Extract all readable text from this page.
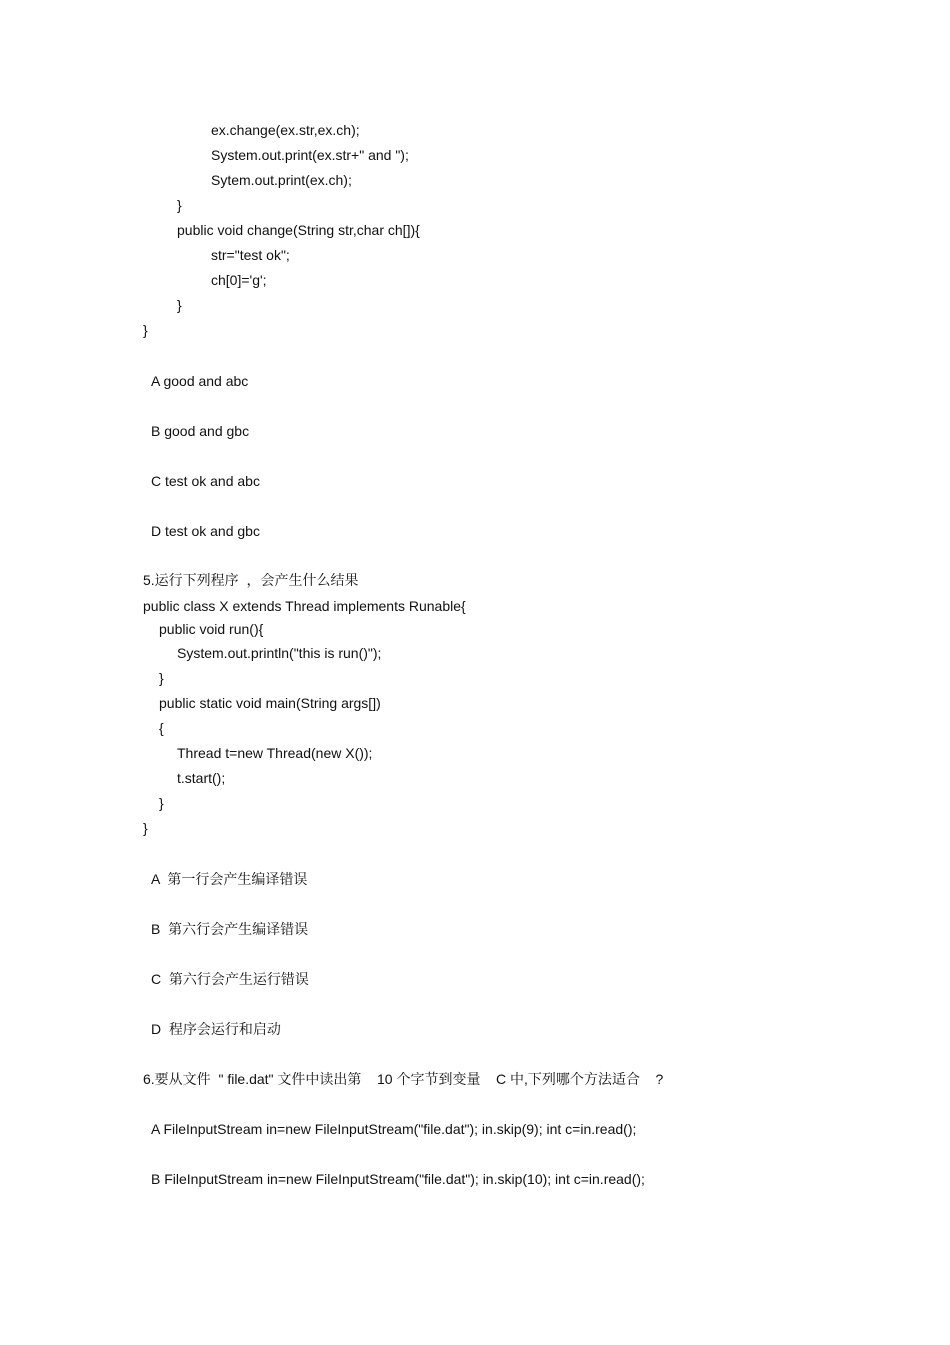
ex.change(ex.str,ex.ch);
System.out.print(ex.str+" and ");
Sytem.out.print(ex.ch);
}
public void change(String str,char ch[]){
str="test ok";
ch[0]='g';
}
}
A good and abc
B good and gbc
C test ok and abc
D test ok and gbc
5.运行下列程序  ，会产生什么结果
public class X extends Thread implements Runable{
public void run(){
System.out.println("this is run()");
}
public static void main(String args[])
{
Thread t=new Thread(new X());
t.start();
}
}
A  第一行会产生编译错误
B  第六行会产生编译错误
C  第六行会产生运行错误
D  程序会运行和启动
6.要从文件  " file.dat" 文件中读出第    10 个字节到变量    C 中,下列哪个方法适合    ?
A FileInputStream in=new FileInputStream("file.dat"); in.skip(9); int c=in.read();
B FileInputStream in=new FileInputStream("file.dat"); in.skip(10); int c=in.read();
